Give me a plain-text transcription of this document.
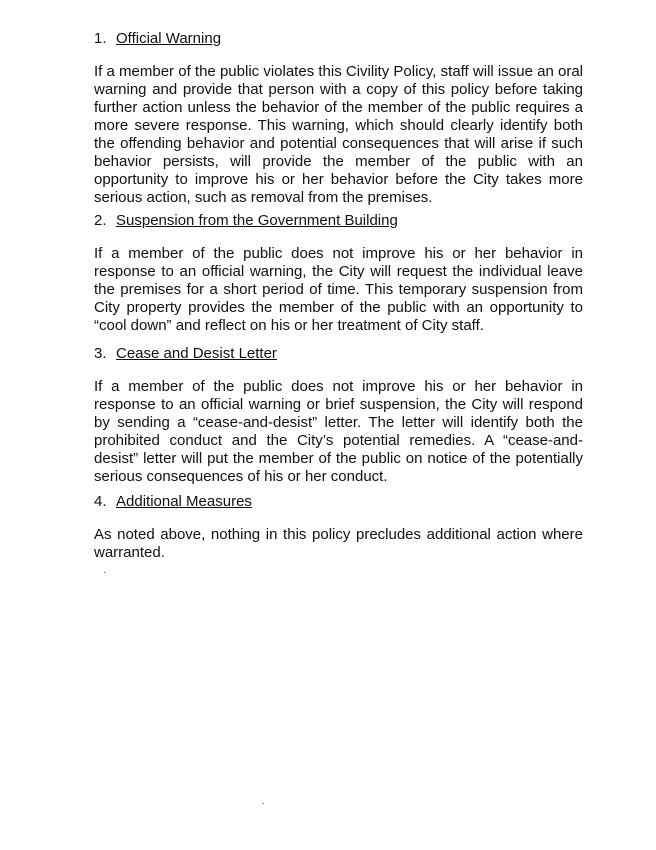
1. Official Warning

If a member of the public violates this Civility Policy, staff will issue an oral warning and provide that person with a copy of this policy before taking further action unless the behavior of the member of the public requires a more severe response. This warning, which should clearly identify both the offending behavior and potential consequences that will arise if such behavior persists, will provide the member of the public with an opportunity to improve his or her behavior before the City takes more serious action, such as removal from the premises.

2. Suspension from the Government Building

If a member of the public does not improve his or her behavior in response to an official warning, the City will request the individual leave the premises for a short period of time. This temporary suspension from City property provides the member of the public with an opportunity to “cool down” and reflect on his or her treatment of City staff.

3. Cease and Desist Letter

If a member of the public does not improve his or her behavior in response to an official warning or brief suspension, the City will respond by sending a “cease-and-desist” letter. The letter will identify both the prohibited conduct and the City’s potential remedies. A “cease-and-desist” letter will put the member of the public on notice of the potentially serious consequences of his or her conduct.

4. Additional Measures

As noted above, nothing in this policy precludes additional action where warranted.
